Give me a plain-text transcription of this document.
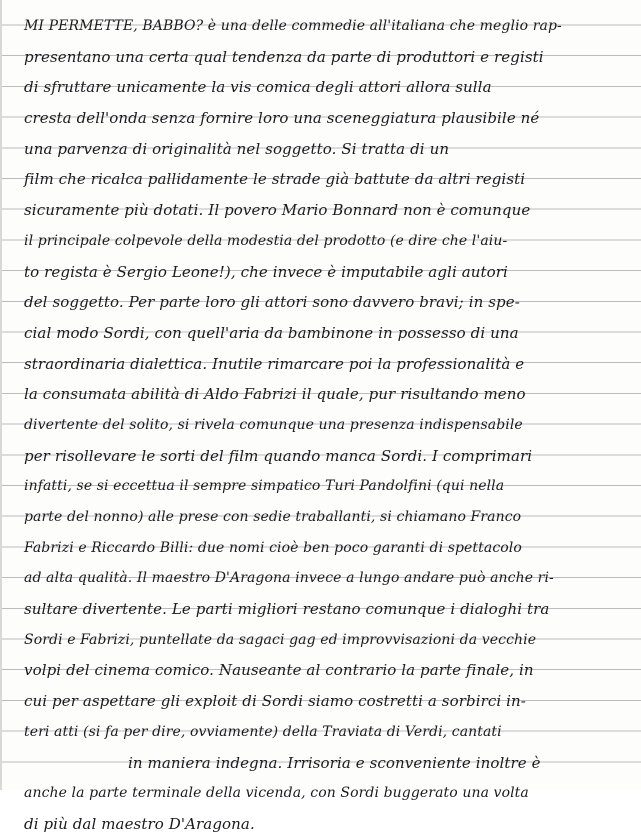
MI PERMETTE, BABBO? è una delle commedie all'italiana che meglio rap-
presentano una certa qual tendenza da parte di produttori e registi
di sfruttare unicamente la vis comica degli attori allora sulla
cresta dell'onda senza fornire loro una sceneggiatura plausibile né
una parvenza di originalità nel soggetto. Si tratta di un
film che ricalca pallidamente le strade già battute da altri registi
sicuramente più dotati. Il povero Mario Bonnard non è comunque
il principale colpevole della modestia del prodotto (e dire che l'aiu-
to regista è Sergio Leone!), che invece è imputabile agli autori
del soggetto. Per parte loro gli attori sono davvero bravi; in spe-
cial modo Sordi, con quell'aria da bambinone in possesso di una
straordinaria dialettica. Inutile rimarcare poi la professionalità e
la consumata abilità di Aldo Fabrizi il quale, pur risultando meno
divertente del solito, si rivela comunque una presenza indispensabile
per risollevare le sorti del film quando manca Sordi. I comprimari
infatti, se si eccettua il sempre simpatico Turi Pandolfini (qui nella
parte del nonno) alle prese con sedie traballanti, si chiamano Franco
Fabrizi e Riccardo Billi: due nomi cioè ben poco garanti di spettacolo
ad alta qualità. Il maestro D'Aragona invece a lungo andare può anche ri-
sultare divertente. Le parti migliori restano comunque i dialoghi tra
Sordi e Fabrizi, puntellate da sagaci gag ed improvvisazioni da vecchie
volpi del cinema comico. Nauseante al contrario la parte finale, in
cui per aspettare gli exploit di Sordi siamo costretti a sorbirci in-
teri atti (si fa per dire, ovviamente) della Traviata di Verdi, cantati
in maniera indegna. Irrisoria e sconveniente inoltre è
anche la parte terminale della vicenda, con Sordi buggerato una volta
di più dal maestro D'Aragona.
